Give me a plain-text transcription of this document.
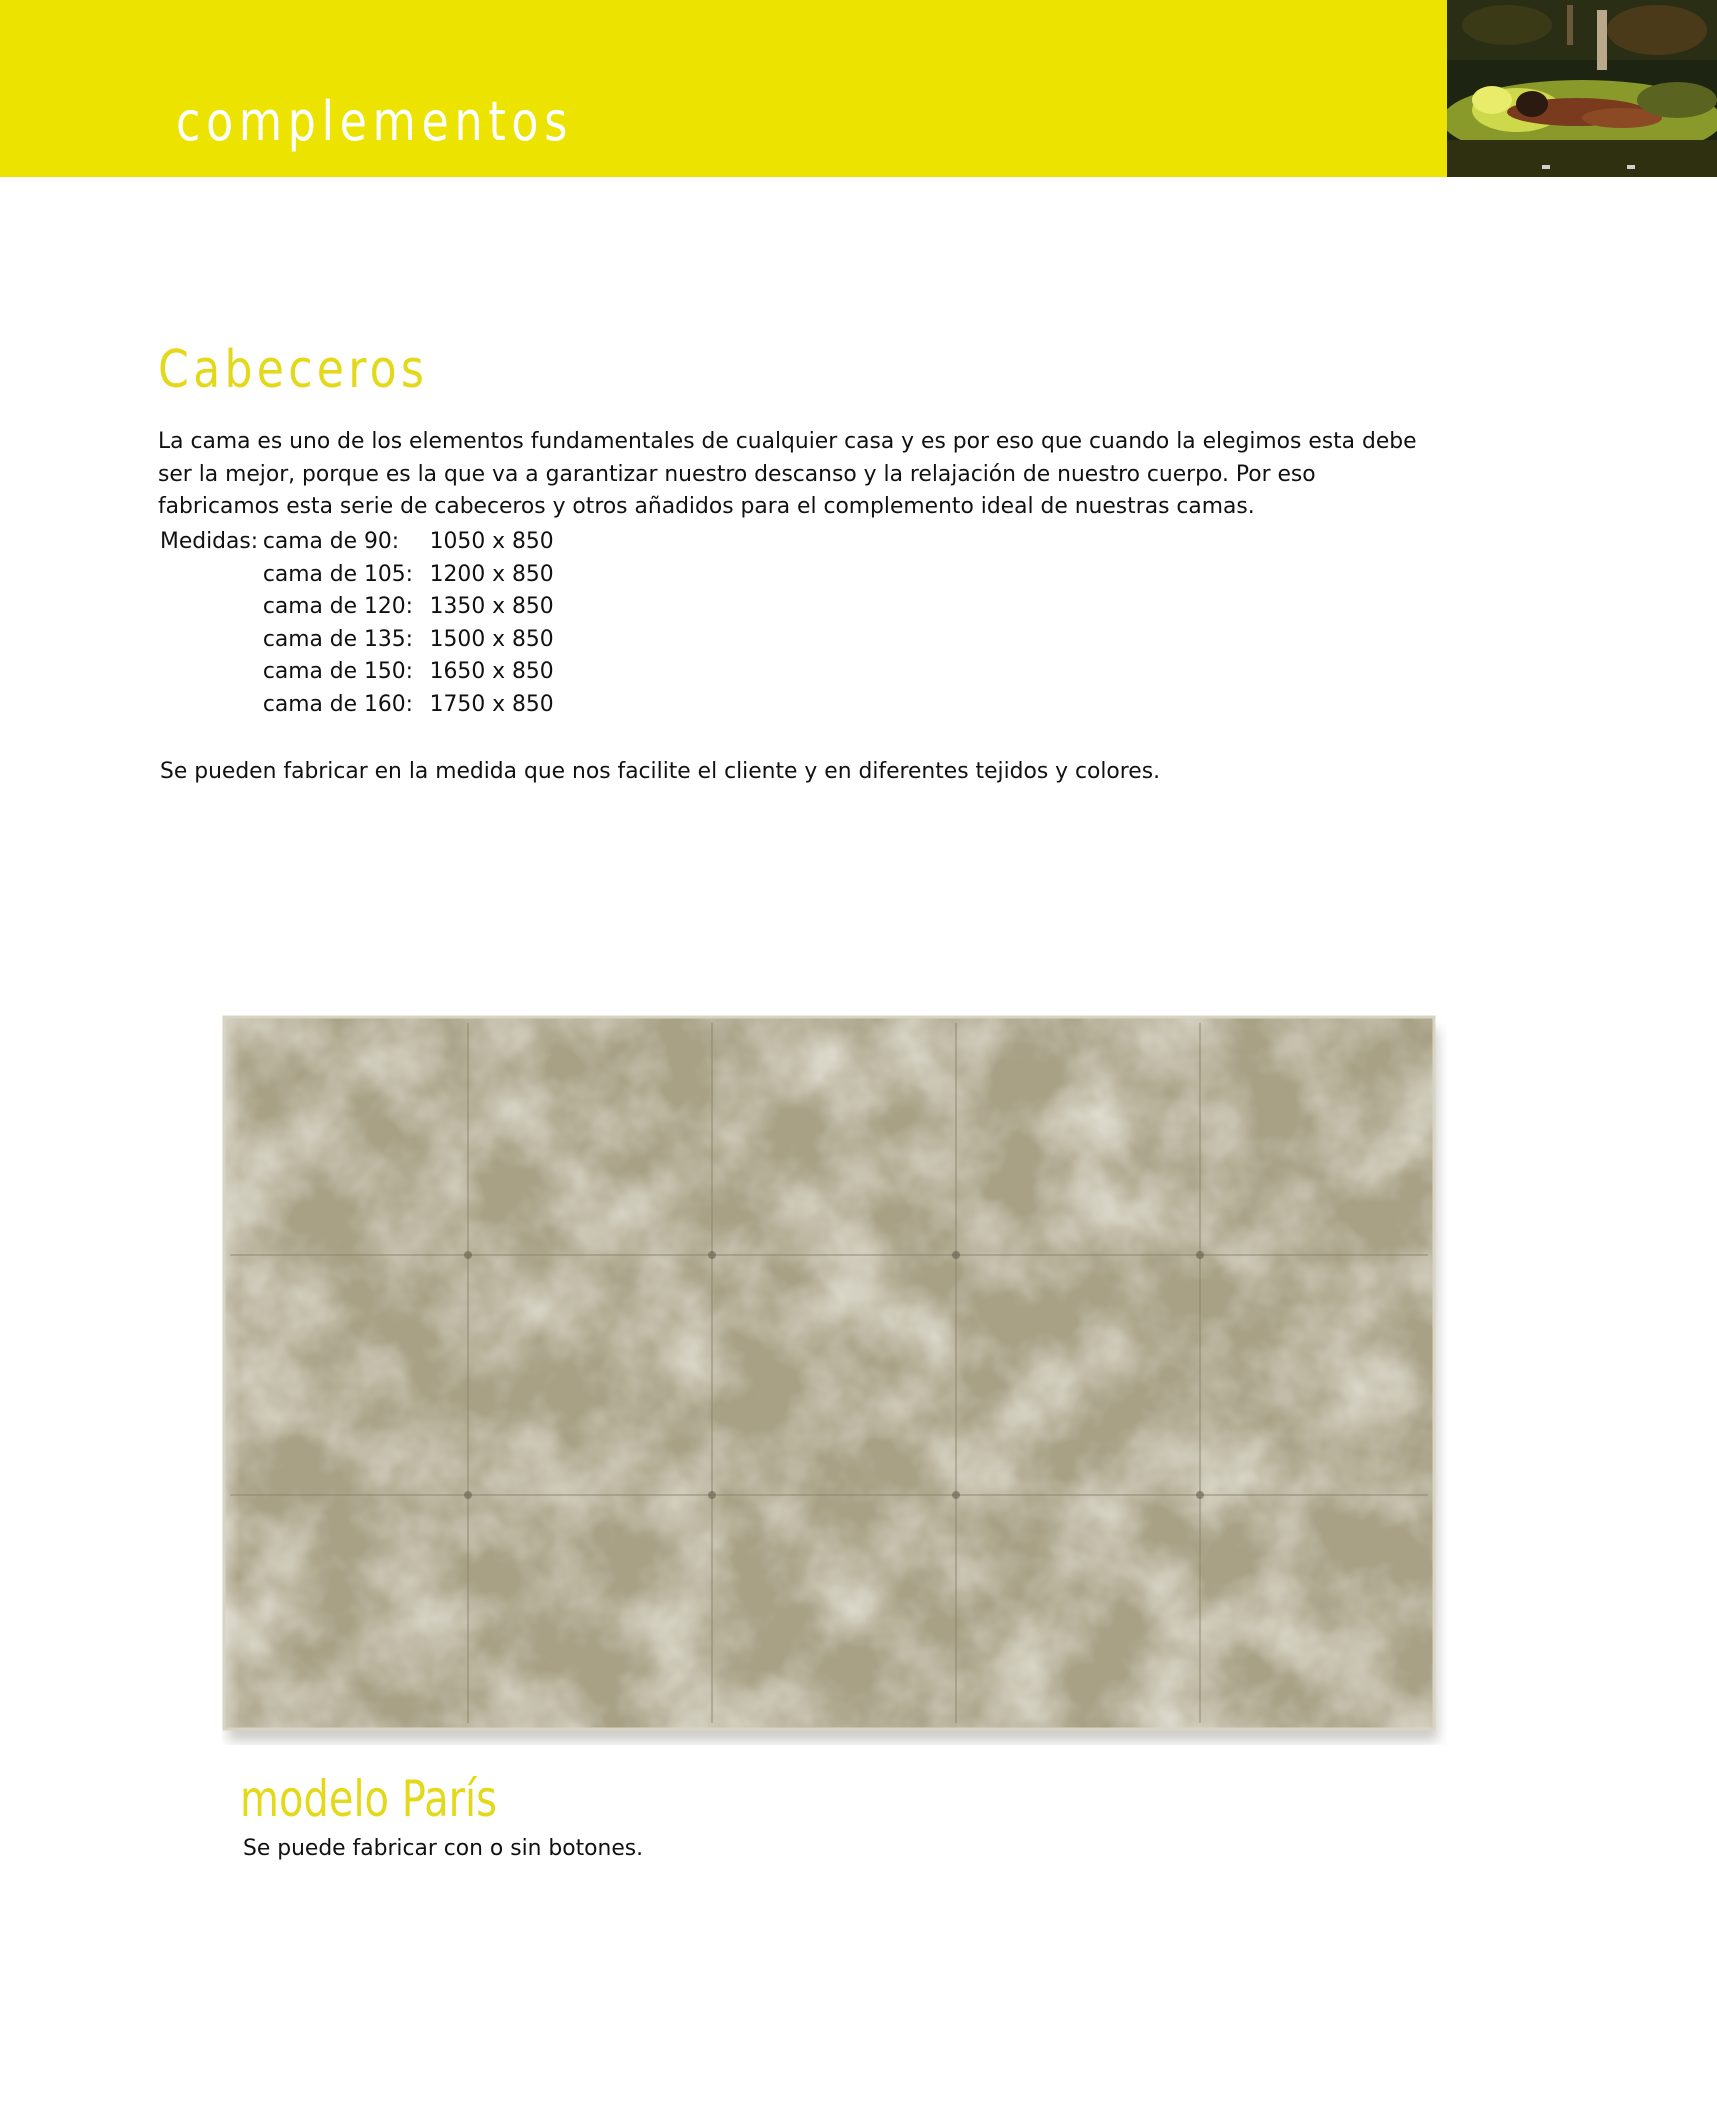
complementos
Cabeceros

La cama es uno de los elementos fundamentales de cualquier casa y es por eso que cuando la elegimos esta debe ser la mejor, porque es la que va a garantizar nuestro descanso y la relajación de nuestro cuerpo. Por eso fabricamos esta serie de cabeceros y otros añadidos para el complemento ideal de nuestras camas.

Medidas: cama de 90: 1050 x 850
cama de 105: 1200 x 850
cama de 120: 1350 x 850
cama de 135: 1500 x 850
cama de 150: 1650 x 850
cama de 160: 1750 x 850
Se pueden fabricar en la medida que nos facilite el cliente y en diferentes tejidos y colores.
modelo París
Se puede fabricar con o sin botones.
